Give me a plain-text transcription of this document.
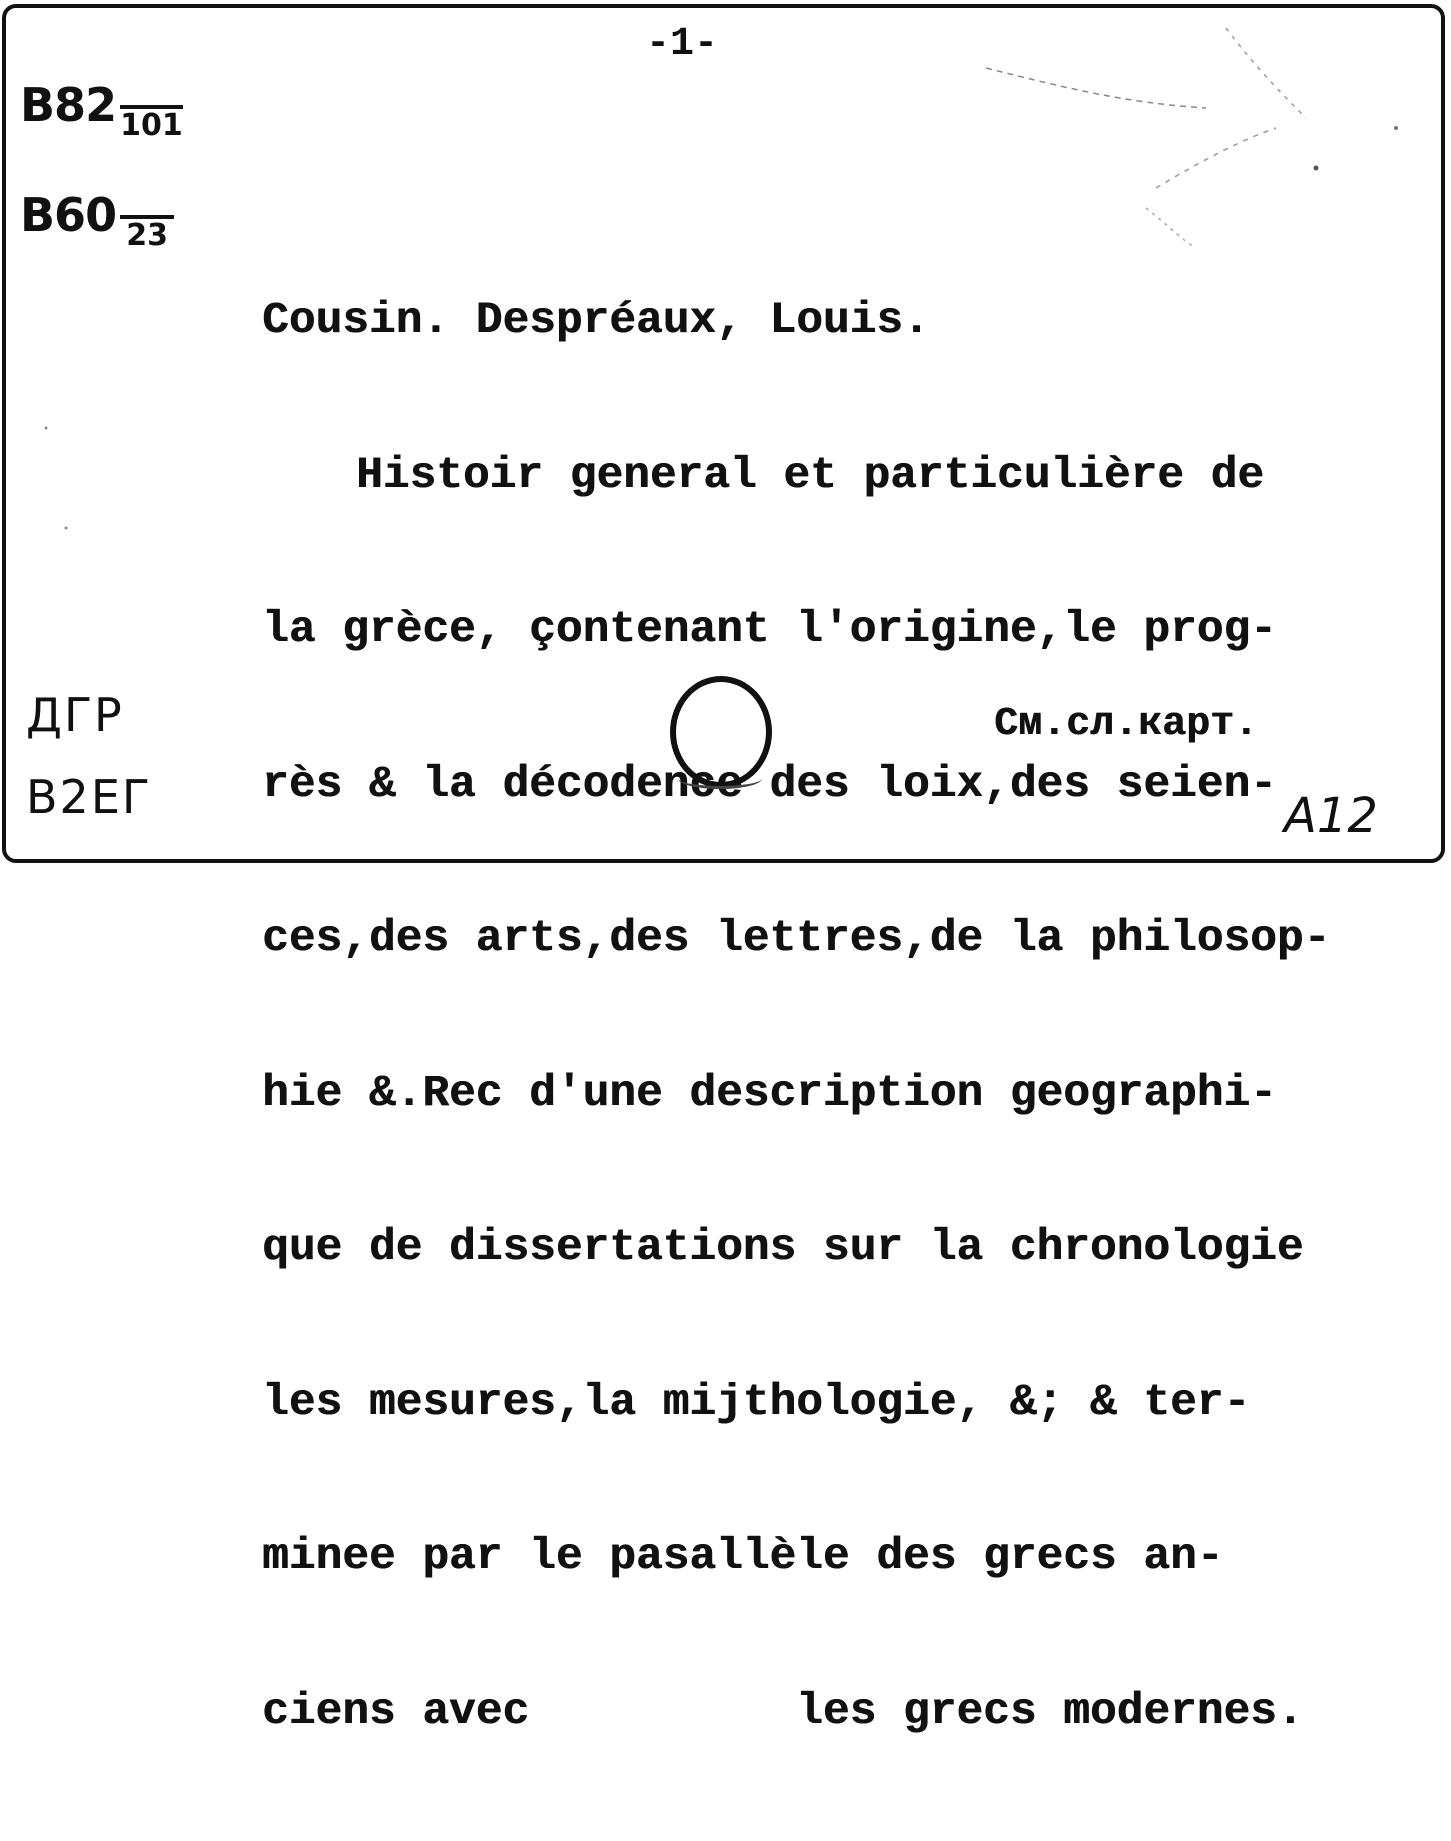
-1-
B82 101
B60 23

Cousin. Despréaux, Louis.

Histoir general et particulière de

la grèce, çontenant l'origine,le prog-

rès & la décodence des loix,des seien-

ces,des arts,des lettres,de la philosop-

hie &.Rec d'une description geographi-

que de dissertations sur la chronologie

les mesures,la mijthologie, &; & ter-

minee par le pasallèle des grecs an-

ciens avec          les grecs modernes.

См.сл.карт.
ДГР
B2ЕГ	A12
